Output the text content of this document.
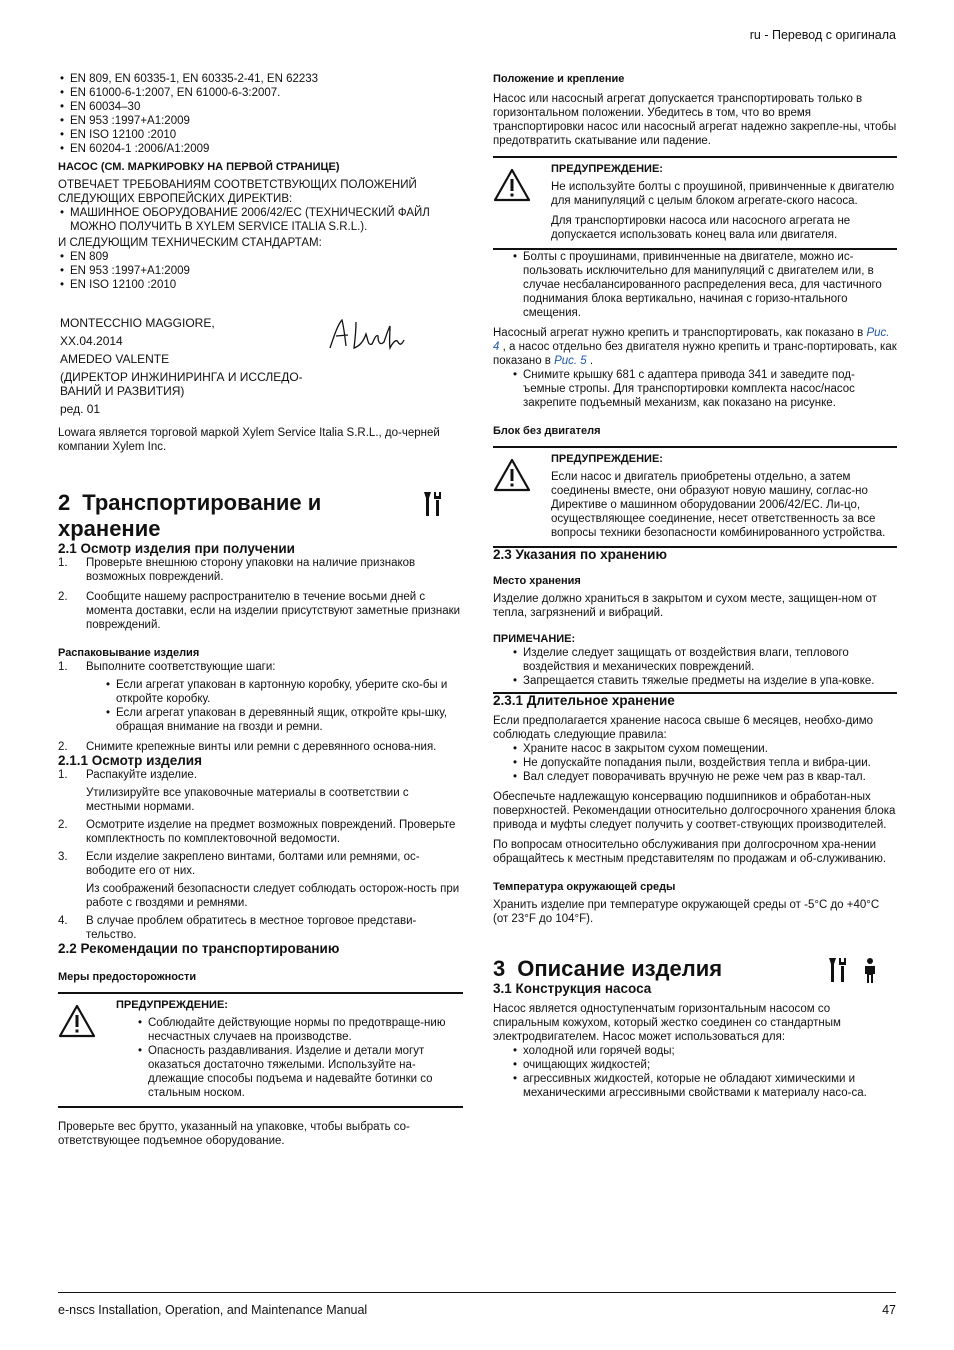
ru - Перевод с оригинала
• EN 809, EN 60335-1, EN 60335-2-41, EN 62233
• EN 61000-6-1:2007, EN 61000-6-3:2007.
• EN 60034–30
• EN 953 :1997+A1:2009
• EN ISO 12100 :2010
• EN 60204-1 :2006/A1:2009

НАСОС (СМ. МАРКИРОВКУ НА ПЕРВОЙ СТРАНИЦЕ)

ОТВЕЧАЕТ ТРЕБОВАНИЯМ СООТВЕТСТВУЮЩИХ ПОЛОЖЕНИЙ СЛЕДУЮЩИХ ЕВРОПЕЙСКИХ ДИРЕКТИВ:

• МАШИННОЕ ОБОРУДОВАНИЕ 2006/42/EC (ТЕХНИЧЕСКИЙ ФАЙЛ МОЖНО ПОЛУЧИТЬ В XYLEM SERVICE ITALIA S.R.L.).

И СЛЕДУЮЩИМ ТЕХНИЧЕСКИМ СТАНДАРТАМ:

• EN 809
• EN 953 :1997+A1:2009
• EN ISO 12100 :2010
MONTECCHIO MAGGIORE,
XX.04.2014
AMEDEO VALENTE
(ДИРЕКТОР ИНЖИНИРИНГА И ИССЛЕДО-
ВАНИЙ И РАЗВИТИЯ)
ред. 01

Lowara является торговой маркой Xylem Service Italia S.R.L., до-черней компании Xylem Inc.

2 Транспортирование и хранение
2.1 Осмотр изделия при получении
1. Проверьте внешнюю сторону упаковки на наличие признаков возможных повреждений.
2. Сообщите нашему распространителю в течение восьми дней с момента доставки, если на изделии присутствуют заметные признаки повреждений.

Распаковывание изделия

1. Выполните соответствующие шаги:
• Если агрегат упакован в картонную коробку, уберите ско-бы и откройте коробку.
• Если агрегат упакован в деревянный ящик, откройте кры-шку, обращая внимание на гвозди и ремни.
2. Снимите крепежные винты или ремни с деревянного основа-ния.
2.1.1 Осмотр изделия
1. Распакуйте изделие.

Утилизируйте все упаковочные материалы в соответствии с местными нормами.

2. Осмотрите изделие на предмет возможных повреждений. Проверьте комплектность по комплектовочной ведомости.
3. Если изделие закреплено винтами, болтами или ремнями, ос-вободите его от них.

Из соображений безопасности следует соблюдать осторож-ность при работе с гвоздями и ремнями.

4. В случае проблем обратитесь в местное торговое представи-тельство.
2.2 Рекомендации по транспортированию

Меры предосторожности

ПРЕДУПРЕЖДЕНИЕ:
• Соблюдайте действующие нормы по предотвраще-нию несчастных случаев на производстве.
• Опасность раздавливания. Изделие и детали могут оказаться достаточно тяжелыми. Используйте на-длежащие способы подъема и надевайте ботинки со стальным носком.

Проверьте вес брутто, указанный на упаковке, чтобы выбрать со-ответствующее подъемное оборудование.

Положение и крепление

Насос или насосный агрегат допускается транспортировать только в горизонтальном положении. Убедитесь в том, что во время транспортировки насос или насосный агрегат надежно закрепле-ны, чтобы предотвратить скатывание или падение.

ПРЕДУПРЕЖДЕНИЕ:

Не используйте болты с проушиной, привинченные к двигателю для манипуляций с целым блоком агрегате-ского насоса.

Для транспортировки насоса или насосного агрегата не допускается использовать конец вала или двигателя.

• Болты с проушинами, привинченные на двигателе, можно ис-пользовать исключительно для манипуляций с двигателем или, в случае несбалансированного распределения веса, для частичного поднимания блока вертикально, начиная с горизо-нтального смещения.

Насосный агрегат нужно крепить и транспортировать, как показано в Рис. 4 , а насос отдельно без двигателя нужно крепить и транс-портировать, как показано в Рис. 5 .

• Снимите крышку 681 с адаптера привода 341 и заведите под-ъемные стропы. Для транспортировки комплекта насос/насос закрепите подъемный механизм, как показано на рисунке.

Блок без двигателя

ПРЕДУПРЕЖДЕНИЕ:

Если насос и двигатель приобретены отдельно, а затем соединены вместе, они образуют новую машину, соглас-но Директиве о машинном оборудовании 2006/42/EC. Ли-цо, осуществляющее соединение, несет ответственность за все вопросы техники безопасности комбинированного устройства.

2.3 Указания по хранению

Место хранения

Изделие должно храниться в закрытом и сухом месте, защищен-ном от тепла, загрязнений и вибраций.

ПРИМЕЧАНИЕ:

• Изделие следует защищать от воздействия влаги, теплового воздействия и механических повреждений.
• Запрещается ставить тяжелые предметы на изделие в упа-ковке.
2.3.1 Длительное хранение

Если предполагается хранение насоса свыше 6 месяцев, необхо-димо соблюдать следующие правила:

• Храните насос в закрытом сухом помещении.
• Не допускайте попадания пыли, воздействия тепла и вибра-ции.
• Вал следует поворачивать вручную не реже чем раз в квар-тал.

Обеспечьте надлежащую консервацию подшипников и обработан-ных поверхностей. Рекомендации относительно долгосрочного хранения блока привода и муфты следует получить у соответ-ствующих производителей.

По вопросам относительно обслуживания при долгосрочном хра-нении обращайтесь к местным представителям по продажам и об-служиванию.

Температура окружающей среды

Хранить изделие при температуре окружающей среды от -5°C до +40°C (от 23°F до 104°F).

3 Описание изделия
3.1 Конструкция насоса

Насос является одноступенчатым горизонтальным насосом со спиральным кожухом, который жестко соединен со стандартным электродвигателем. Насос может использоваться для:

• холодной или горячей воды;
• очищающих жидкостей;
• агрессивных жидкостей, которые не обладают химическими и механическими агрессивными свойствами к материалу насо-са.
e-nscs Installation, Operation, and Maintenance Manual	47
